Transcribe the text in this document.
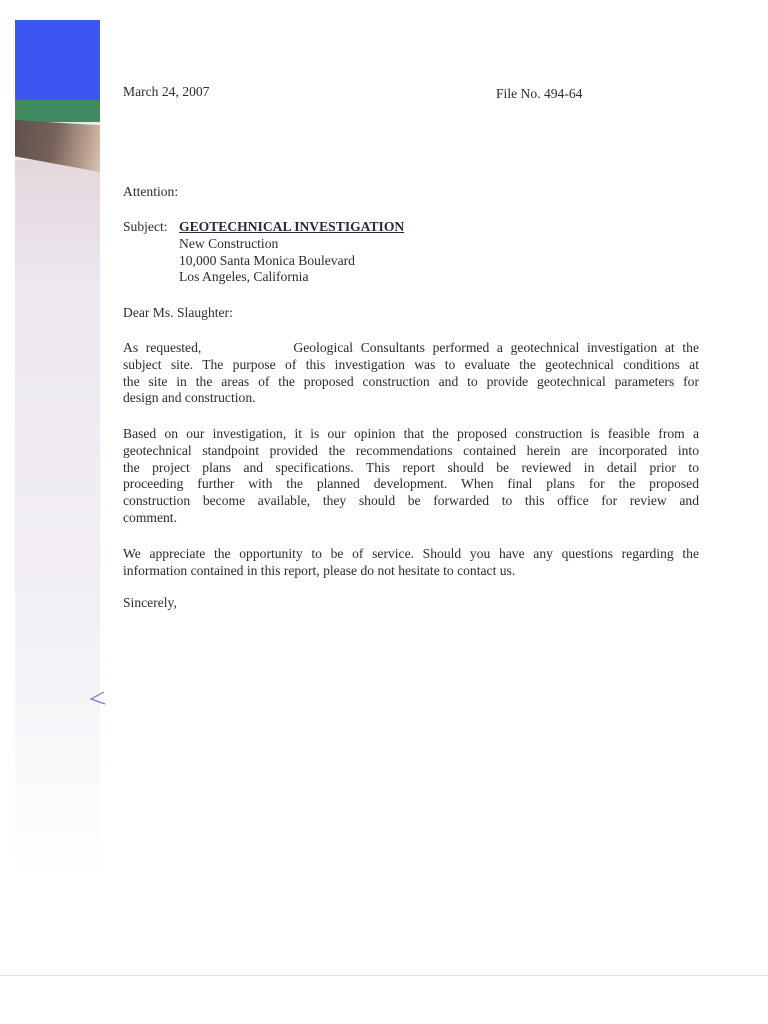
March 24, 2007	File No. 494-64

Attention:

Subject: GEOTECHNICAL INVESTIGATION
New Construction
10,000 Santa Monica Boulevard
Los Angeles, California

Dear Ms. Slaughter:

As requested,            Geological Consultants performed a geotechnical investigation at the
subject site. The purpose of this investigation was to evaluate the geotechnical conditions at
the site in the areas of the proposed construction and to provide geotechnical parameters for
design and construction.
Based on our investigation, it is our opinion that the proposed construction is feasible from a
geotechnical standpoint provided the recommendations contained herein are incorporated into
the project plans and specifications. This report should be reviewed in detail prior to
proceeding further with the planned development. When final plans for the proposed
construction become available, they should be forwarded to this office for review and
comment.
We appreciate the opportunity to be of service. Should you have any questions regarding the
information contained in this report, please do not hesitate to contact us.

Sincerely,
